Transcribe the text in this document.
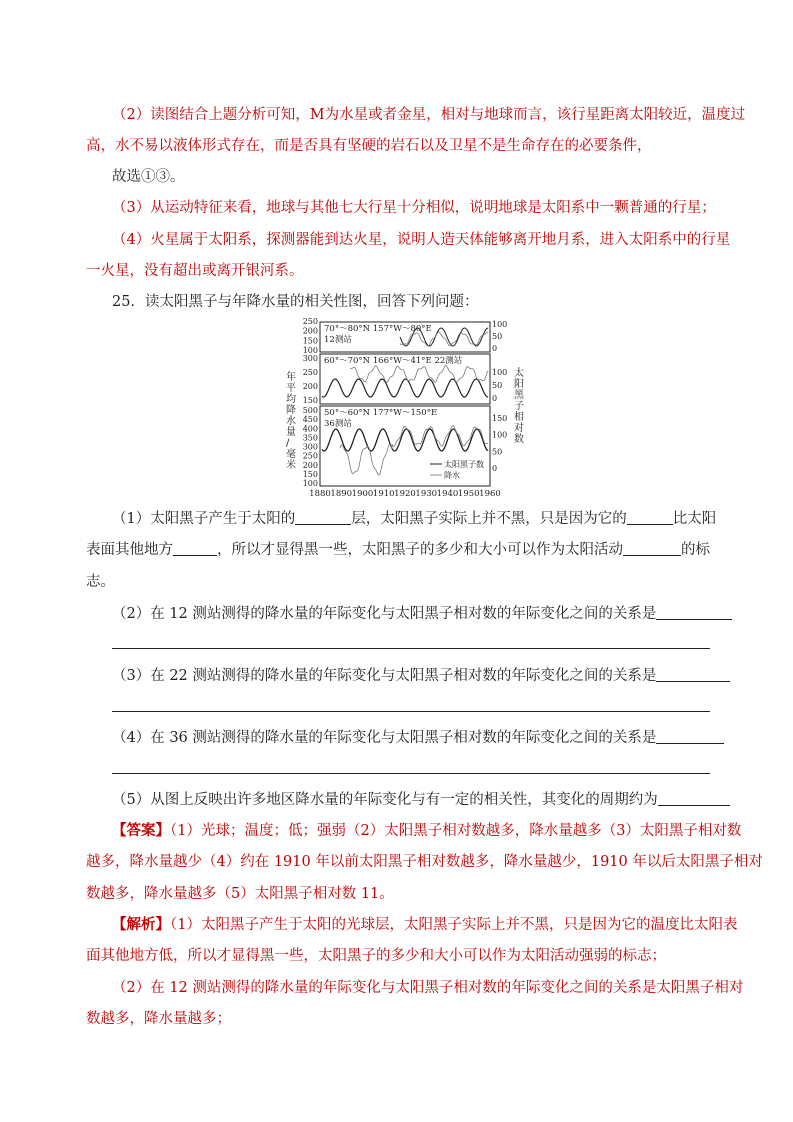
（2）读图结合上题分析可知，M为水星或者金星，相对与地球而言，该行星距离太阳较近，温度过
高，水不易以液体形式存在，而是否具有坚硬的岩石以及卫星不是生命存在的必要条件，
故选①③。
（3）从运动特征来看，地球与其他七大行星十分相似，说明地球是太阳系中一颗普通的行星；
（4）火星属于太阳系，探测器能到达火星，说明人造天体能够离开地月系，进入太阳系中的行星
一火星，没有超出或离开银河系。
25．读太阳黑子与年降水量的相关性图，回答下列问题：
年
平
均
降
水
量
/
毫
米
太
阳
黑
子
相
对
数
250
200
150
100
300
250
200
150
500
450
400
350
300
250
200
150
100
100
50
0
100
50
0
150
100
50
0
70°～80°N 157°W～80°E
12测站
60°～70°N 166°W～41°E 22测站
50°～60°N 177°W～150°E
36测站
太阳黑子数
降水
1880 1890 1900 1910 1920 1930 1940 1950 1960
（1）太阳黑子产生于太阳的	层，太阳黑子实际上并不黑，只是因为它的	比太阳
表面其他地方	，所以才显得黑一些，太阳黑子的多少和大小可以作为太阳活动	的标
志。
（2）在 12 测站测得的降水量的年际变化与太阳黑子相对数的年际变化之间的关系是
（3）在 22 测站测得的降水量的年际变化与太阳黑子相对数的年际变化之间的关系是
（4）在 36 测站测得的降水量的年际变化与太阳黑子相对数的年际变化之间的关系是
（5）从图上反映出许多地区降水量的年际变化与有一定的相关性，其变化的周期约为
【答案】（1）光球；温度；低；强弱（2）太阳黑子相对数越多，降水量越多（3）太阳黑子相对数
越多，降水量越少（4）约在 1910 年以前太阳黑子相对数越多，降水量越少，1910 年以后太阳黑子相对
数越多，降水量越多（5）太阳黑子相对数 11。
【解析】（1）太阳黑子产生于太阳的光球层，太阳黑子实际上并不黑，只是因为它的温度比太阳表
面其他地方低，所以才显得黑一些，太阳黑子的多少和大小可以作为太阳活动强弱的标志；
（2）在 12 测站测得的降水量的年际变化与太阳黑子相对数的年际变化之间的关系是太阳黑子相对
数越多，降水量越多；
